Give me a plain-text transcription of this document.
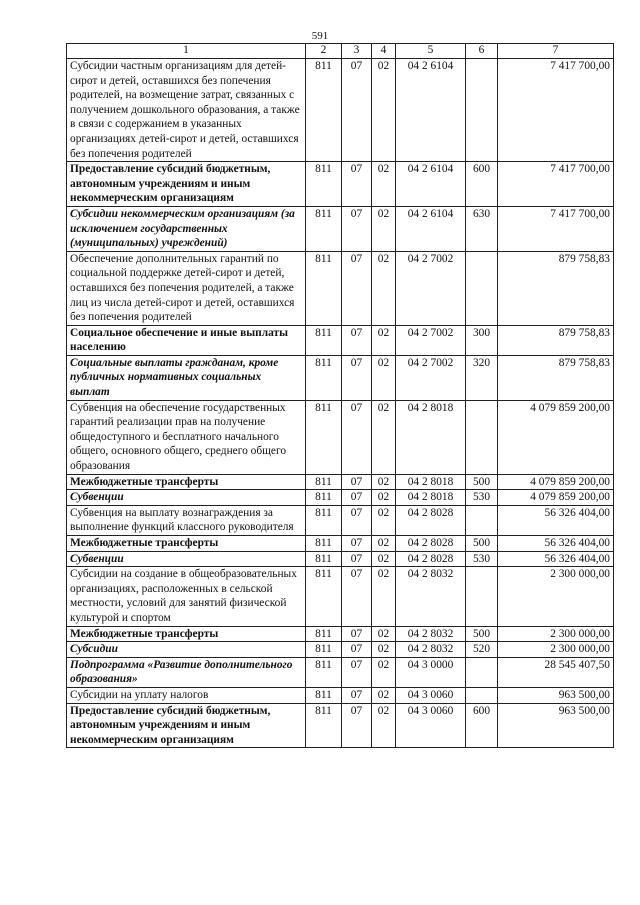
591
1	2	3	4	5	6	7
Субсидии частным организациям для детей-сирот и детей, оставшихся без попечения родителей, на возмещение затрат, связанных с получением дошкольного образования, а также в связи с содержанием в указанных организациях детей-сирот и детей, оставшихся без попечения родителей	811	07	02	04 2 6104		7 417 700,00
Предоставление субсидий бюджетным, автономным учреждениям и иным некоммерческим организациям	811	07	02	04 2 6104	600	7 417 700,00
Субсидии некоммерческим организациям (за исключением государственных (муниципальных) учреждений)	811	07	02	04 2 6104	630	7 417 700,00
Обеспечение дополнительных гарантий по социальной поддержке детей-сирот и детей, оставшихся без попечения родителей, а также лиц из числа детей-сирот и детей, оставшихся без попечения родителей	811	07	02	04 2 7002		879 758,83
Социальное обеспечение и иные выплаты населению	811	07	02	04 2 7002	300	879 758,83
Социальные выплаты гражданам, кроме публичных нормативных социальных выплат	811	07	02	04 2 7002	320	879 758,83
Субвенция на обеспечение государственных гарантий реализации прав на получение общедоступного и бесплатного начального общего, основного общего, среднего общего образования	811	07	02	04 2 8018		4 079 859 200,00
Межбюджетные трансферты	811	07	02	04 2 8018	500	4 079 859 200,00
Субвенции	811	07	02	04 2 8018	530	4 079 859 200,00
Субвенция на выплату вознаграждения за выполнение функций классного руководителя	811	07	02	04 2 8028		56 326 404,00
Межбюджетные трансферты	811	07	02	04 2 8028	500	56 326 404,00
Субвенции	811	07	02	04 2 8028	530	56 326 404,00
Субсидии на создание в общеобразовательных организациях, расположенных в сельской местности, условий для занятий физической культурой и спортом	811	07	02	04 2 8032		2 300 000,00
Межбюджетные трансферты	811	07	02	04 2 8032	500	2 300 000,00
Субсидии	811	07	02	04 2 8032	520	2 300 000,00
Подпрограмма «Развитие дополнительного образования»	811	07	02	04 3 0000		28 545 407,50
Субсидии на уплату налогов	811	07	02	04 3 0060		963 500,00
Предоставление субсидий бюджетным, автономным учреждениям и иным некоммерческим организациям	811	07	02	04 3 0060	600	963 500,00
